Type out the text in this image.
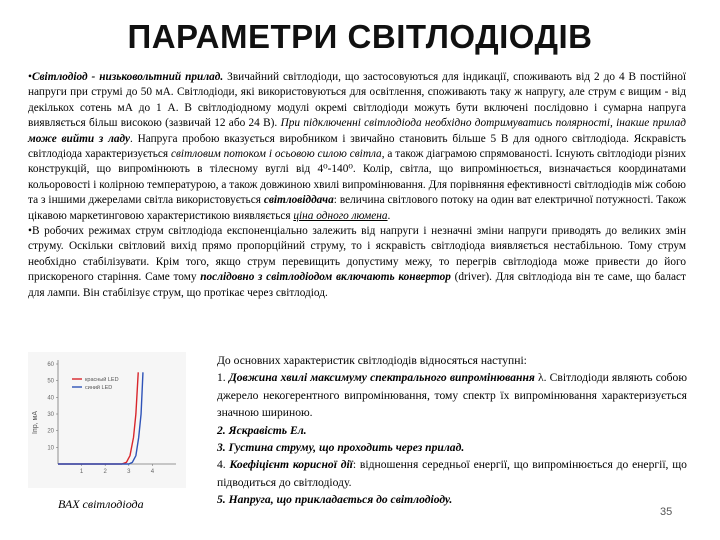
ПАРАМЕТРИ СВІТЛОДІОДІВ

•Світлодіод - низьковольтний прилад. Звичайний світлодіоди, що застосовуються для індикації, споживають від 2 до 4 В постійної напруги при струмі до 50 мА. Світлодіоди, які використовуються для освітлення, споживають таку ж напругу, але струм є вищим - від декількох сотень мА до 1 А. В світлодіодному модулі окремі світлодіоди можуть бути включені послідовно і сумарна напруга виявляється більш високою (зазвичай 12 або 24 В). При підключенні світлодіода необхідно дотримуватись полярності, інакше прилад може вийти з ладу. Напруга пробою вказується виробником і звичайно становить більше 5 В для одного світлодіода. Яскравість світлодіода характеризується світловим потоком і осьовою силою світла, а також діаграмою спрямованості. Існують світлодіоди різних конструкцій, що випромінюють в тілесному вуглі від 4⁰-140⁰. Колір, світла, що випромінюється, визначається координатами кольоровості і колірною температурою, а також довжиною хвилі випромінювання. Для порівняння ефективності світлодіодів між собою та з іншими джерелами світла використовується світловіддача: величина світлового потоку на один ват електричної потужності. Також цікавою маркетинговою характеристикою виявляється ціна одного люмена.

•В робочих режимах струм світлодіода експоненціально залежить від напруги і незначні зміни напруги приводять до великих змін струму. Оскільки світловий вихід прямо пропорційний струму, то і яскравість світлодіода виявляється нестабільною. Тому струм необхідно стабілізувати. Крім того, якщо струм перевищить допустиму межу, то перегрів світлодіода може привести до його прискореного старіння. Саме тому послідовно з світлодіодом включають конвертор (driver). Для світлодіода він те саме, що баласт для лампи. Він стабілізує струм, що протікає через світлодіод.

Iпр, мА
10
20
30
40
50
60
1	2	3	4
красный LED
синий LED
ВАХ світлодіода

До основних характеристик світлодіодів відносяться наступні:

1. Довжина хвилі максимуму спектрального випромінювання λ. Світлодіоди являють собою джерело некогерентного випромінювання, тому спектр їх випромінювання характеризується значною шириною.

2. Яскравість Ел.

3. Густина струму, що проходить через прилад.

4. Коефіцієнт корисної дії: відношення середньої енергії, що випромінюється до енергії, що підводиться до світлодіоду.

5. Напруга, що прикладається до світлодіоду.

35
